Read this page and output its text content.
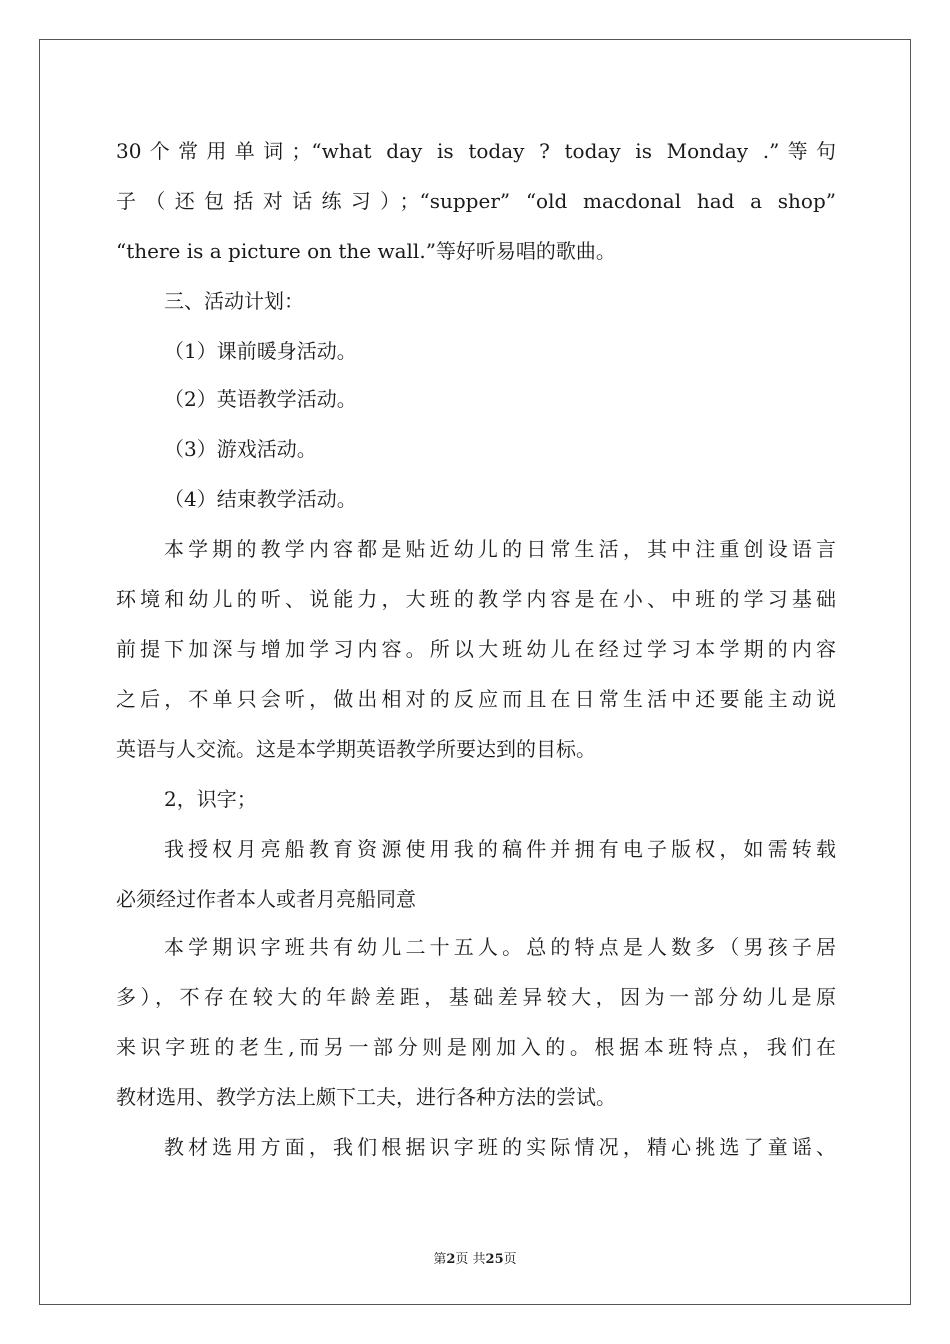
30个常用单词；“what day is today ? today is Monday .”等句

子（还包括对话练习）；“supper” “old macdonal had a shop”

“there is a picture on the wall.”等好听易唱的歌曲。

三、活动计划：

（1）课前暖身活动。

（2）英语教学活动。

（3）游戏活动。

（4）结束教学活动。

本学期的教学内容都是贴近幼儿的日常生活，其中注重创设语言

环境和幼儿的听、说能力，大班的教学内容是在小、中班的学习基础

前提下加深与增加学习内容。所以大班幼儿在经过学习本学期的内容

之后，不单只会听，做出相对的反应而且在日常生活中还要能主动说

英语与人交流。这是本学期英语教学所要达到的目标。

2，识字；

我授权月亮船教育资源使用我的稿件并拥有电子版权，如需转载

必须经过作者本人或者月亮船同意

本学期识字班共有幼儿二十五人。总的特点是人数多（男孩子居

多），不存在较大的年龄差距，基础差异较大，因为一部分幼儿是原

来识字班的老生,而另一部分则是刚加入的。根据本班特点，我们在

教材选用、教学方法上颇下工夫，进行各种方法的尝试。

教材选用方面，我们根据识字班的实际情况，精心挑选了童谣、

第2页 共25页
